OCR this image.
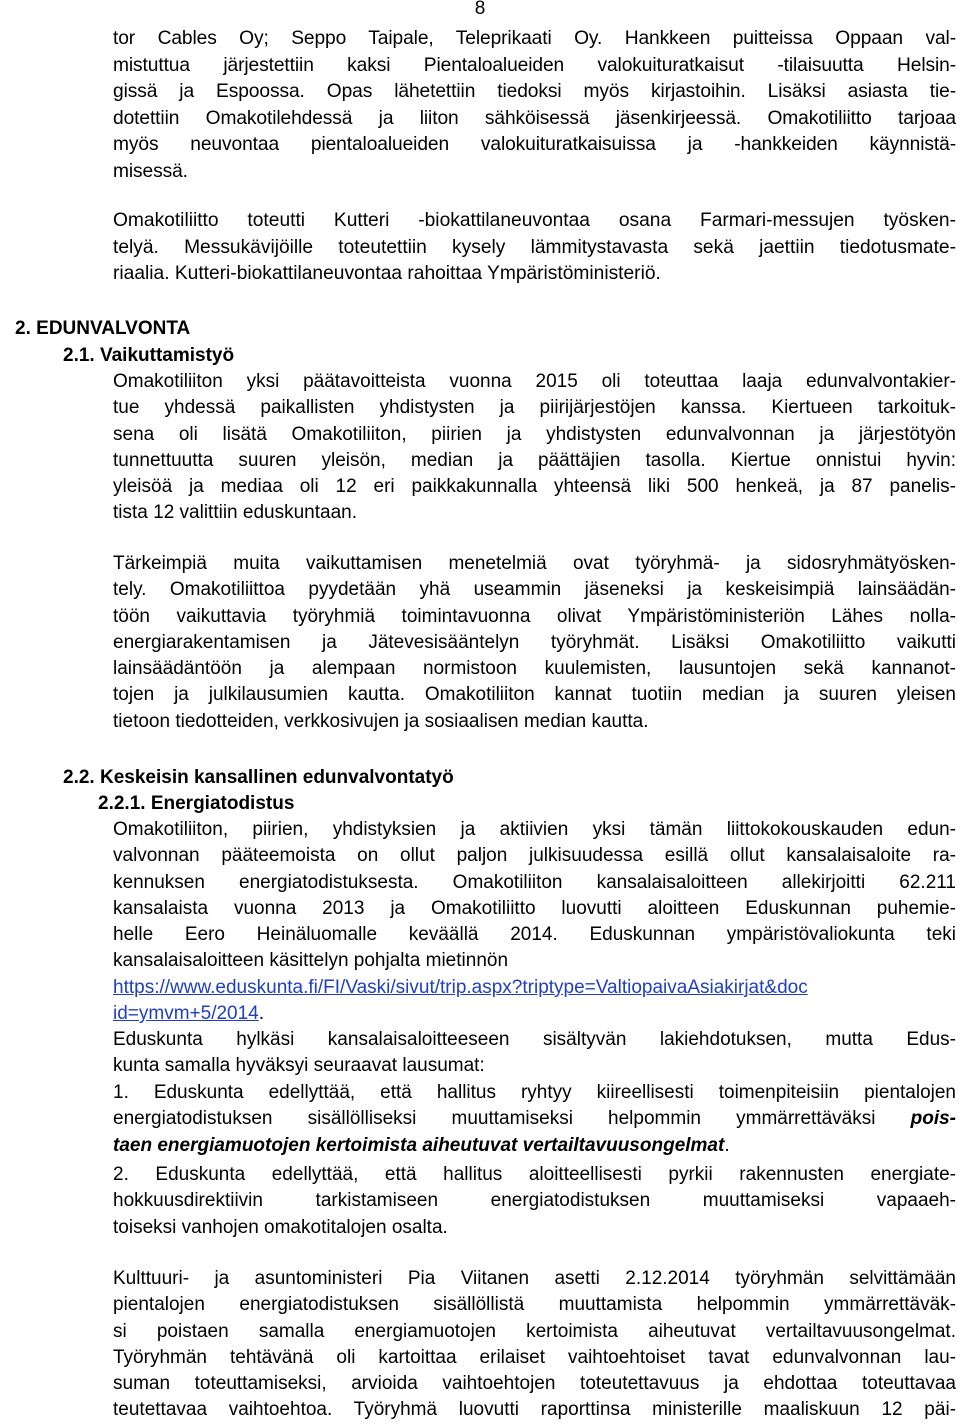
8
tor Cables Oy; Seppo Taipale, Teleprikaati Oy. Hankkeen puitteissa Oppaan val-
mistuttua järjestettiin kaksi Pientaloalueiden valokuituratkaisut -tilaisuutta Helsin-
gissä ja Espoossa. Opas lähetettiin tiedoksi myös kirjastoihin. Lisäksi asiasta tie-
dotettiin Omakotilehdessä ja liiton sähköisessä jäsenkirjeessä. Omakotiliitto tarjoaa
myös neuvontaa pientaloalueiden valokuituratkaisuissa ja -hankkeiden käynnistä-
misessä.
Omakotiliitto toteutti Kutteri -biokattilaneuvontaa osana Farmari-messujen työsken-
telyä. Messukävijöille toteutettiin kysely lämmitystavasta sekä jaettiin tiedotusmate-
riaalia. Kutteri-biokattilaneuvontaa rahoittaa Ympäristöministeriö.
2. EDUNVALVONTA
2.1. Vaikuttamistyö
Omakotiliiton yksi päätavoitteista vuonna 2015 oli toteuttaa laaja edunvalvontakier-
tue yhdessä paikallisten yhdistysten ja piirijärjestöjen kanssa. Kiertueen tarkoituk-
sena oli lisätä Omakotiliiton, piirien ja yhdistysten edunvalvonnan ja järjestötyön
tunnettuutta suuren yleisön, median ja päättäjien tasolla. Kiertue onnistui hyvin:
yleisöä ja mediaa oli 12 eri paikkakunnalla yhteensä liki 500 henkeä, ja 87 panelis-
tista 12 valittiin eduskuntaan.
Tärkeimpiä muita vaikuttamisen menetelmiä ovat työryhmä- ja sidosryhmätyösken-
tely. Omakotiliittoa pyydetään yhä useammin jäseneksi ja keskeisimpiä lainsäädän-
töön vaikuttavia työryhmiä toimintavuonna olivat Ympäristöministeriön Lähes nolla-
energiarakentamisen ja Jätevesisääntelyn työryhmät. Lisäksi Omakotiliitto vaikutti
lainsäädäntöön ja alempaan normistoon kuulemisten, lausuntojen sekä kannanot-
tojen ja julkilausumien kautta. Omakotiliiton kannat tuotiin median ja suuren yleisen
tietoon tiedotteiden, verkkosivujen ja sosiaalisen median kautta.
2.2. Keskeisin kansallinen edunvalvontatyö
2.2.1. Energiatodistus
Omakotiliiton, piirien, yhdistyksien ja aktiivien yksi tämän liittokokouskauden edun-
valvonnan pääteemoista on ollut paljon julkisuudessa esillä ollut kansalaisaloite ra-
kennuksen energiatodistuksesta. Omakotiliiton kansalaisaloitteen allekirjoitti 62.211
kansalaista vuonna 2013 ja Omakotiliitto luovutti aloitteen Eduskunnan puhemie-
helle Eero Heinäluomalle keväällä 2014. Eduskunnan ympäristövaliokunta teki
kansalaisaloitteen käsittelyn pohjalta mietinnön
https://www.eduskunta.fi/FI/Vaski/sivut/trip.aspx?triptype=ValtiopaivaAsiakirjat&doc
id=ymvm+5/2014.
Eduskunta hylkäsi kansalaisaloitteeseen sisältyvän lakiehdotuksen, mutta Edus-
kunta samalla hyväksyi seuraavat lausumat:
1. Eduskunta edellyttää, että hallitus ryhtyy kiireellisesti toimenpiteisiin pientalojen
energiatodistuksen sisällölliseksi muuttamiseksi helpommin ymmärrettäväksi pois-
taen energiamuotojen kertoimista aiheutuvat vertailtavuusongelmat.
2. Eduskunta edellyttää, että hallitus aloitteellisesti pyrkii rakennusten energiate-
hokkuusdirektiivin tarkistamiseen energiatodistuksen muuttamiseksi vapaaeh-
toiseksi vanhojen omakotitalojen osalta.
Kulttuuri- ja asuntoministeri Pia Viitanen asetti 2.12.2014 työryhmän selvittämään
pientalojen energiatodistuksen sisällöllistä muuttamista helpommin ymmärrettäväk-
si poistaen samalla energiamuotojen kertoimista aiheutuvat vertailtavuusongelmat.
Työryhmän tehtävänä oli kartoittaa erilaiset vaihtoehtoiset tavat edunvalvonnan lau-
suman toteuttamiseksi, arvioida vaihtoehtojen toteutettavuus ja ehdottaa toteuttavaa
teutettavaa vaihtoehtoa. Työryhmä luovutti raporttinsa ministerille maaliskuun 12 päi-
